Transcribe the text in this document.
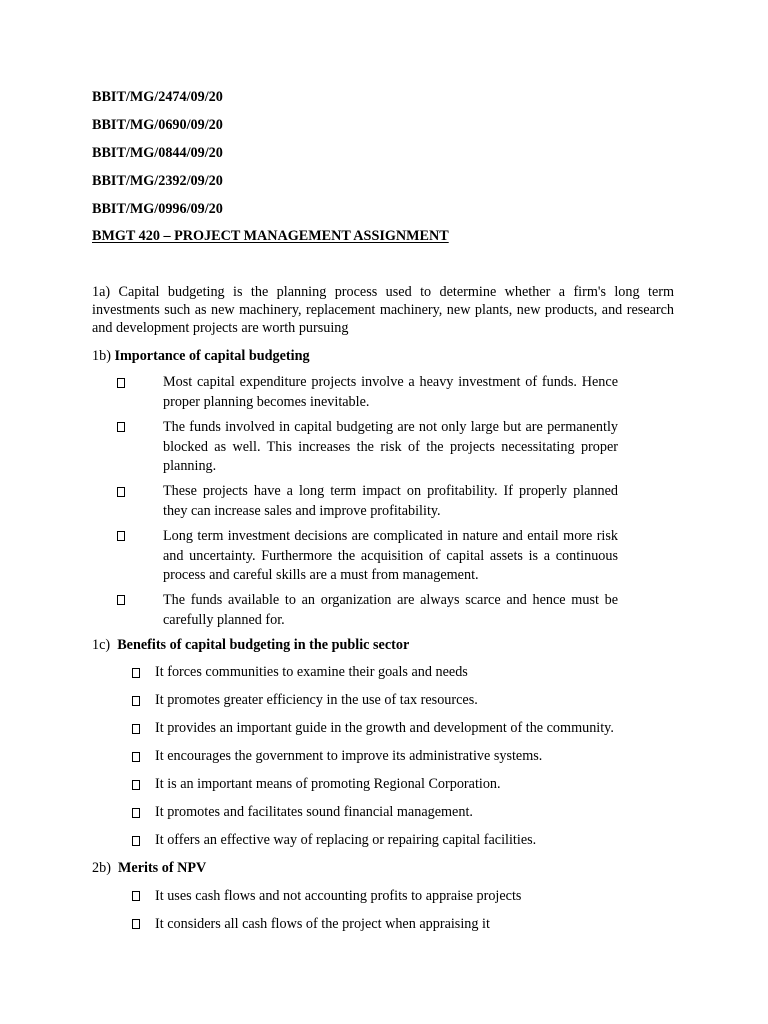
BBIT/MG/2474/09/20
BBIT/MG/0690/09/20
BBIT/MG/0844/09/20
BBIT/MG/2392/09/20
BBIT/MG/0996/09/20
BMGT 420 – PROJECT MANAGEMENT ASSIGNMENT
1a) Capital budgeting is the planning process used to determine whether a firm's long term investments such as new machinery, replacement machinery, new plants, new products, and research and development projects are worth pursuing
1b) Importance of capital budgeting
Most capital expenditure projects involve a heavy investment of funds. Hence proper planning becomes inevitable.
The funds involved in capital budgeting are not only large but are permanently blocked as well. This increases the risk of the projects necessitating proper planning.
These projects have a long term impact on profitability. If properly planned they can increase sales and improve profitability.
Long term investment decisions are complicated in nature and entail more risk and uncertainty. Furthermore the acquisition of capital assets is a continuous process and careful skills are a must from management.
The funds available to an organization are always scarce and hence must be carefully planned for.
1c) Benefits of capital budgeting in the public sector
It forces communities to examine their goals and needs
It promotes greater efficiency in the use of tax resources.
It provides an important guide in the growth and development of the community.
It encourages the government to improve its administrative systems.
It is an important means of promoting Regional Corporation.
It promotes and facilitates sound financial management.
It offers an effective way of replacing or repairing capital facilities.
2b) Merits of NPV
It uses cash flows and not accounting profits to appraise projects
It considers all cash flows of the project when appraising it
